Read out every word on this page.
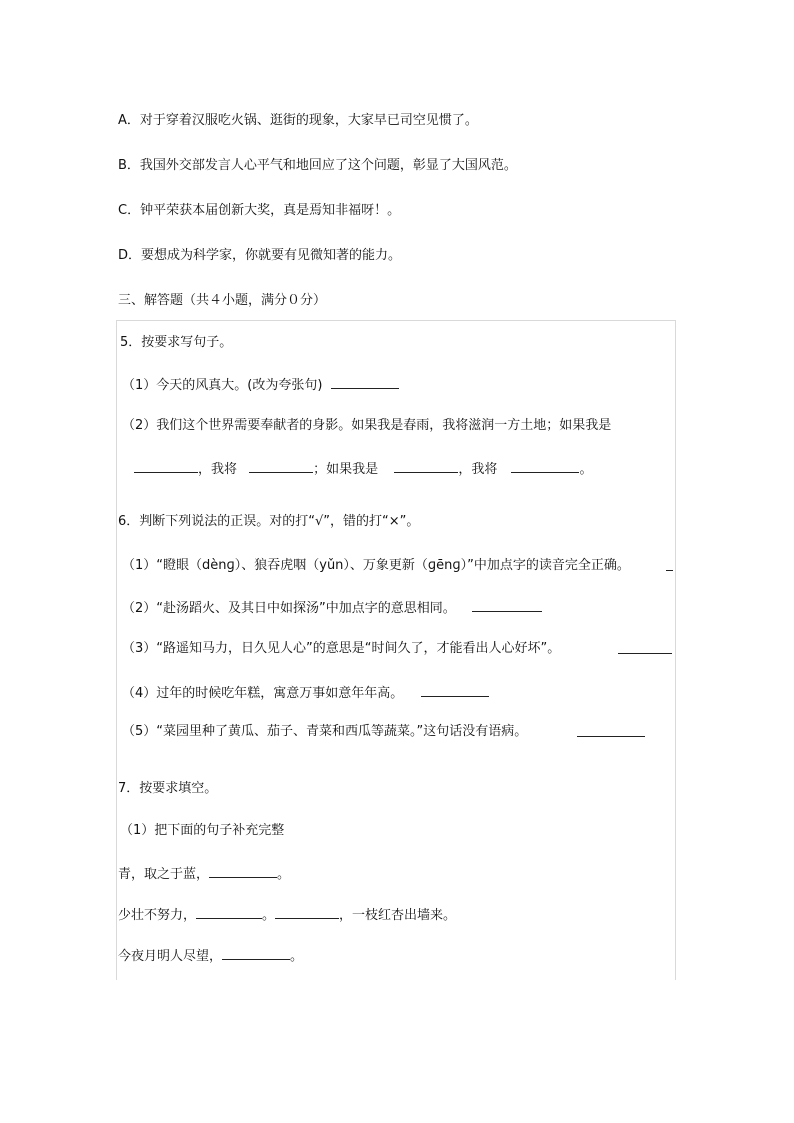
A．对于穿着汉服吃火锅、逛街的现象，大家早已司空见惯了。
B．我国外交部发言人心平气和地回应了这个问题，彰显了大国风范。
C．钟平荣获本届创新大奖，真是焉知非福呀！。
D．要想成为科学家，你就要有见微知著的能力。
三、解答题（共４小题，满分０分）
5．按要求写句子。
（1）今天的风真大。(改为夸张句)
（2）我们这个世界需要奉献者的身影。如果我是春雨，我将滋润一方土地；如果我是
，我将	；如果我是	，我将	。
6．判断下列说法的正误。对的打“√”，错的打“×”。
（1）“瞪眼（dènɡ）、狼吞虎咽（yǔn）、万象更新（ɡēnɡ）”中加点字的读音完全正确。
（2）“赴汤蹈火、及其日中如探汤”中加点字的意思相同。
（3）“路遥知马力，日久见人心”的意思是“时间久了，才能看出人心好坏”。
（4）过年的时候吃年糕，寓意万事如意年年高。
（5）“菜园里种了黄瓜、茄子、青菜和西瓜等蔬菜。”这句话没有语病。
7．按要求填空。
（1）把下面的句子补充完整
青，取之于蓝，	。
少壮不努力，	。	，一枝红杏出墙来。
今夜月明人尽望，	。
